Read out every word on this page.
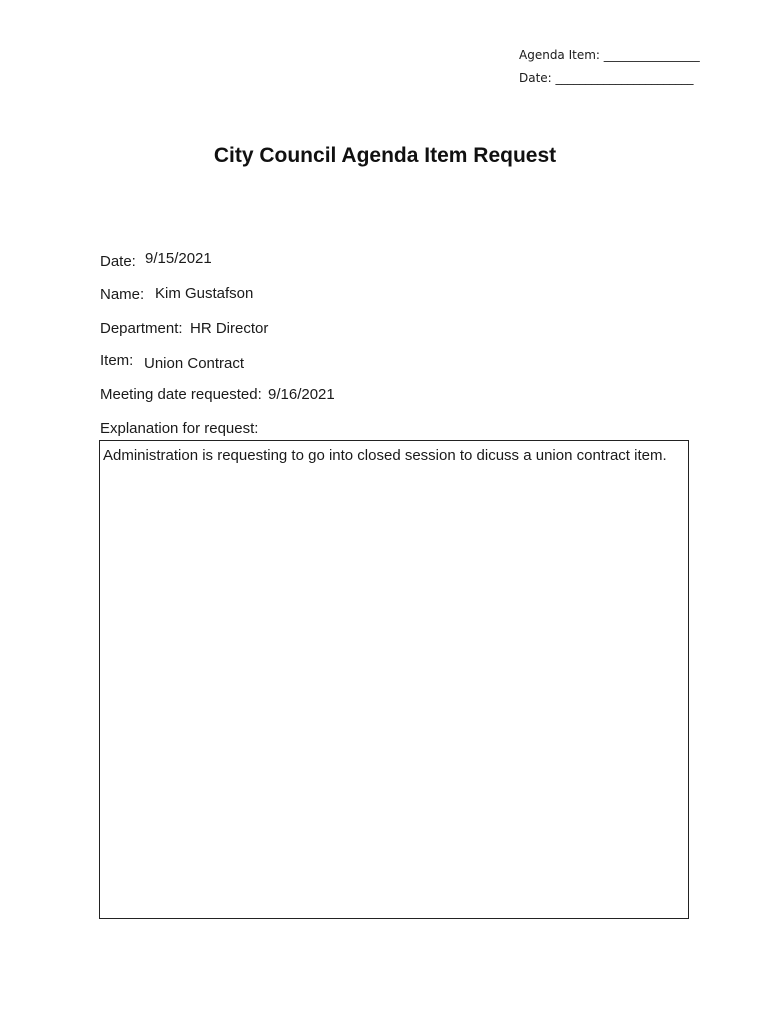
Agenda Item: ________________
Date: _______________________
City Council Agenda Item Request
Date: 9/15/2021
Name: Kim Gustafson
Department: HR Director
Item: Union Contract
Meeting date requested: 9/16/2021
Explanation for request:
Administration is requesting to go into closed session to dicuss a union contract item.
